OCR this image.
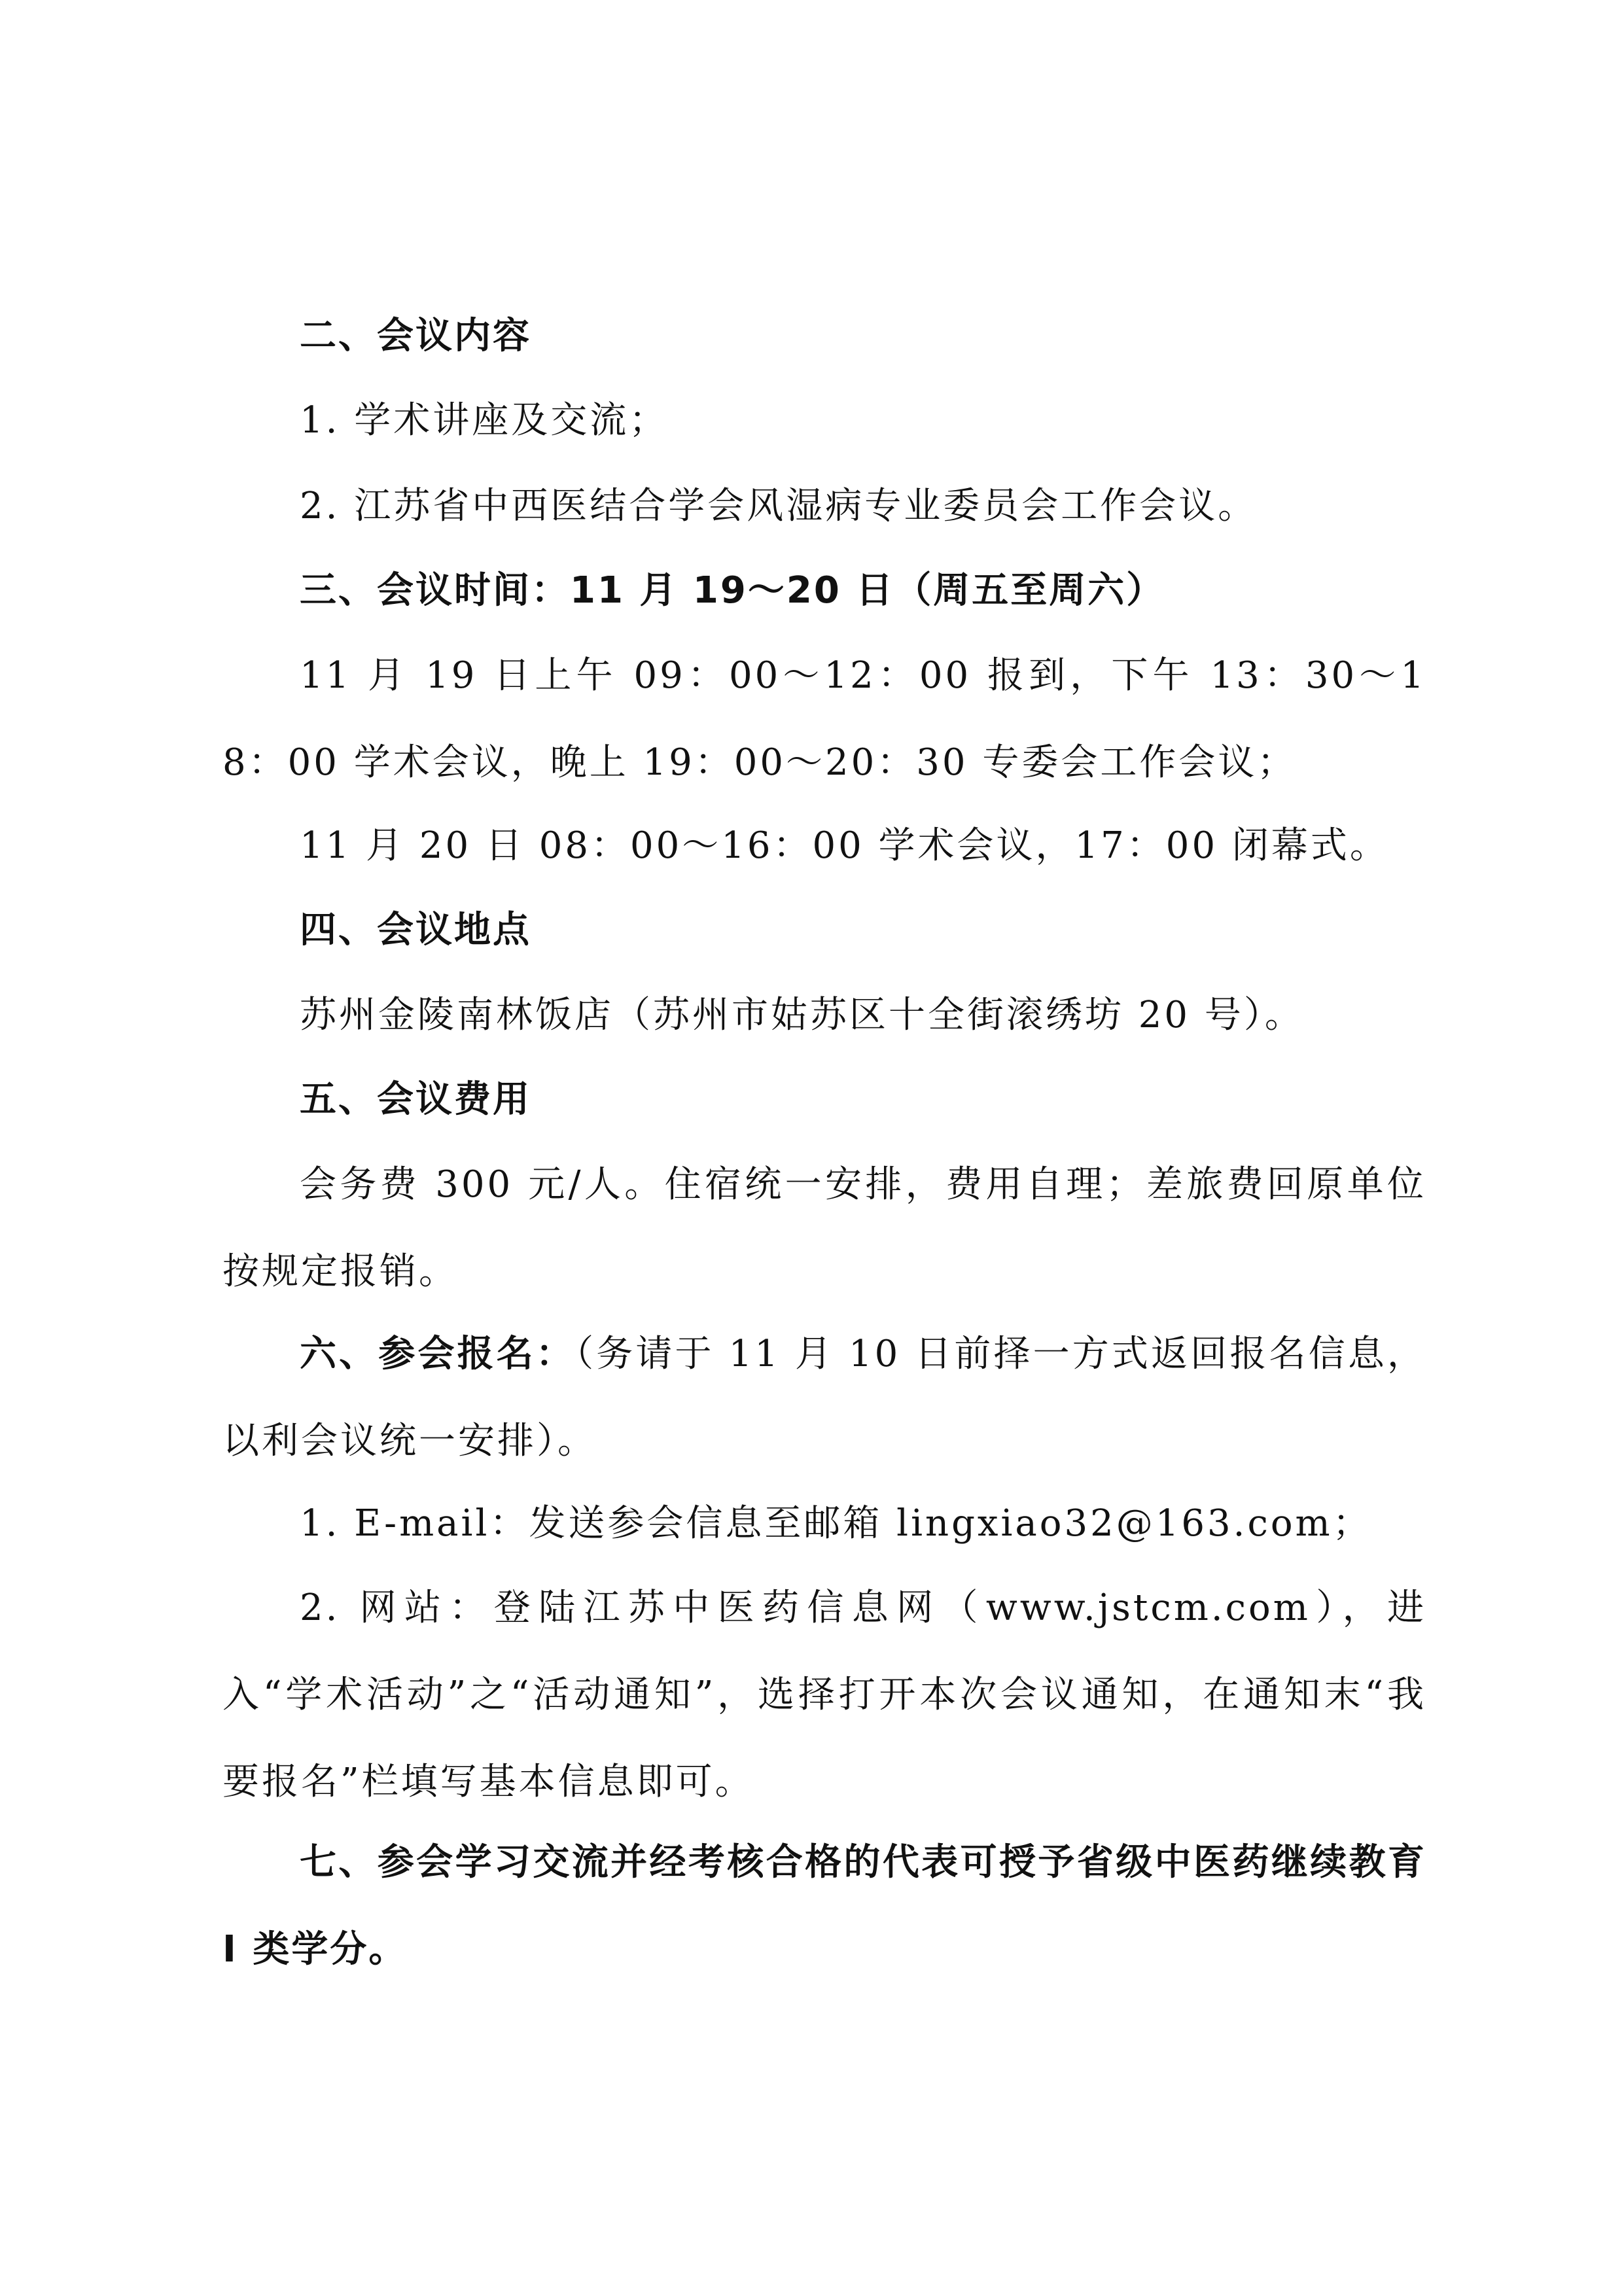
二、会议内容
1. 学术讲座及交流；
2. 江苏省中西医结合学会风湿病专业委员会工作会议。
三、会议时间：11 月 19～20 日（周五至周六）
11 月 19 日上午 09：00～12：00 报到，下午 13：30～18：00 学术会议，晚上 19：00～20：30 专委会工作会议；
11 月 20 日 08：00～16：00 学术会议，17：00 闭幕式。
四、会议地点
苏州金陵南林饭店（苏州市姑苏区十全街滚绣坊 20 号）。
五、会议费用
会务费 300 元/人。住宿统一安排，费用自理；差旅费回原单位按规定报销。
六、参会报名：（务请于 11 月 10 日前择一方式返回报名信息，以利会议统一安排）。
1. E-mail：发送参会信息至邮箱 lingxiao32@163.com；
2. 网站：登陆江苏中医药信息网（www.jstcm.com），进入“学术活动”之“活动通知”，选择打开本次会议通知，在通知末“我要报名”栏填写基本信息即可。
七、参会学习交流并经考核合格的代表可授予省级中医药继续教育 I 类学分。
